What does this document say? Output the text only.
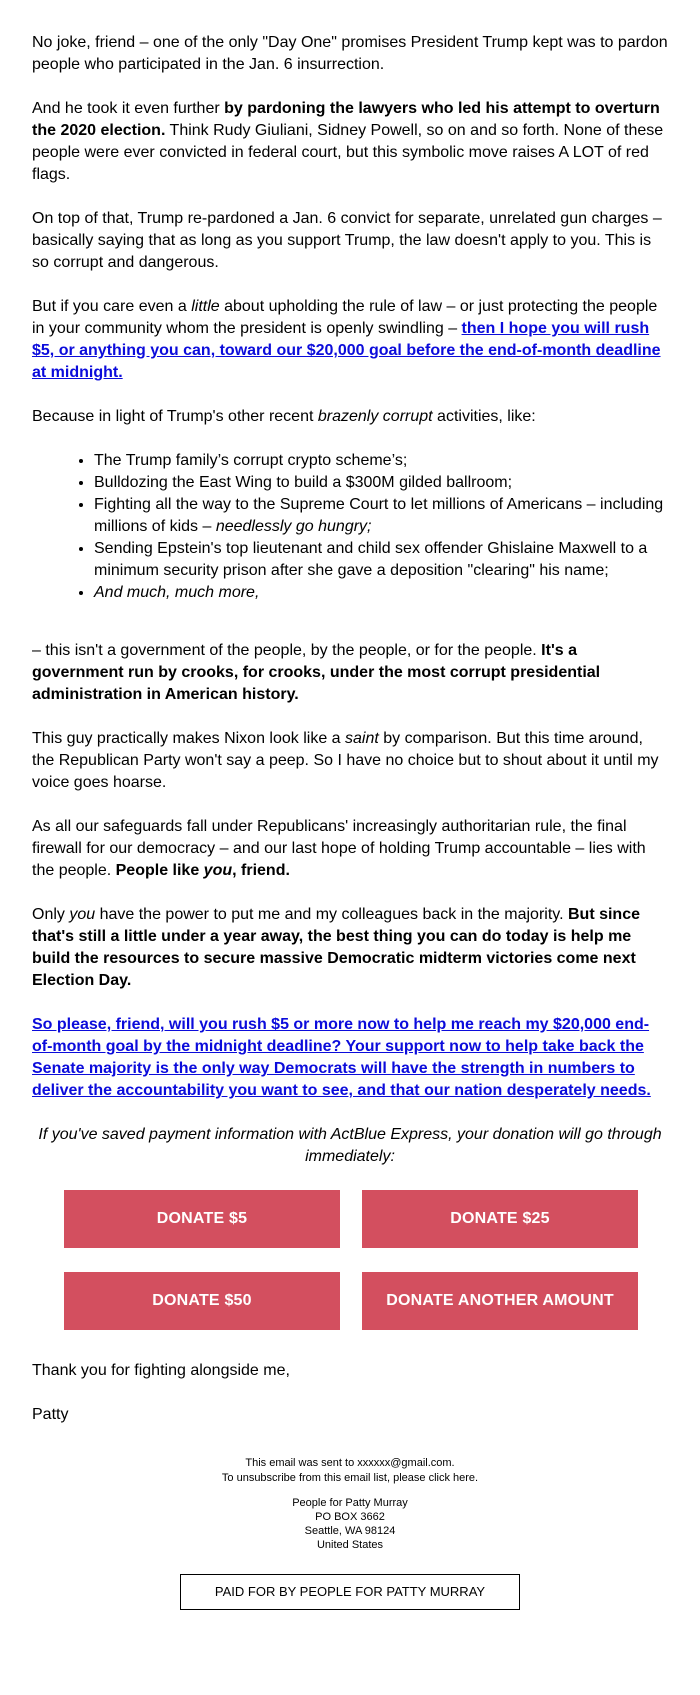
No joke, friend – one of the only "Day One" promises President Trump kept was to pardon people who participated in the Jan. 6 insurrection.

And he took it even further by pardoning the lawyers who led his attempt to overturn the 2020 election. Think Rudy Giuliani, Sidney Powell, so on and so forth. None of these people were ever convicted in federal court, but this symbolic move raises A LOT of red flags.

On top of that, Trump re-pardoned a Jan. 6 convict for separate, unrelated gun charges – basically saying that as long as you support Trump, the law doesn't apply to you. This is so corrupt and dangerous.

But if you care even a little about upholding the rule of law – or just protecting the people in your community whom the president is openly swindling – then I hope you will rush $5, or anything you can, toward our $20,000 goal before the end-of-month deadline at midnight.

Because in light of Trump's other recent brazenly corrupt activities, like:

• The Trump family’s corrupt crypto scheme’s;
• Bulldozing the East Wing to build a $300M gilded ballroom;
• Fighting all the way to the Supreme Court to let millions of Americans – including millions of kids – needlessly go hungry;
• Sending Epstein's top lieutenant and child sex offender Ghislaine Maxwell to a minimum security prison after she gave a deposition "clearing" his name;
• And much, much more,

– this isn't a government of the people, by the people, or for the people. It's a government run by crooks, for crooks, under the most corrupt presidential administration in American history.

This guy practically makes Nixon look like a saint by comparison. But this time around, the Republican Party won't say a peep. So I have no choice but to shout about it until my voice goes hoarse.

As all our safeguards fall under Republicans' increasingly authoritarian rule, the final firewall for our democracy – and our last hope of holding Trump accountable – lies with the people. People like you, friend.

Only you have the power to put me and my colleagues back in the majority. But since that's still a little under a year away, the best thing you can do today is help me build the resources to secure massive Democratic midterm victories come next Election Day.

So please, friend, will you rush $5 or more now to help me reach my $20,000 end-of-month goal by the midnight deadline? Your support now to help take back the Senate majority is the only way Democrats will have the strength in numbers to deliver the accountability you want to see, and that our nation desperately needs.

If you've saved payment information with ActBlue Express, your donation will go through immediately:

DONATE $5	DONATE $25
DONATE $50	DONATE ANOTHER AMOUNT

Thank you for fighting alongside me,

Patty

This email was sent to xxxxxx@gmail.com.
To unsubscribe from this email list, please click here.
People for Patty Murray
PO BOX 3662
Seattle, WA 98124
United States
PAID FOR BY PEOPLE FOR PATTY MURRAY
